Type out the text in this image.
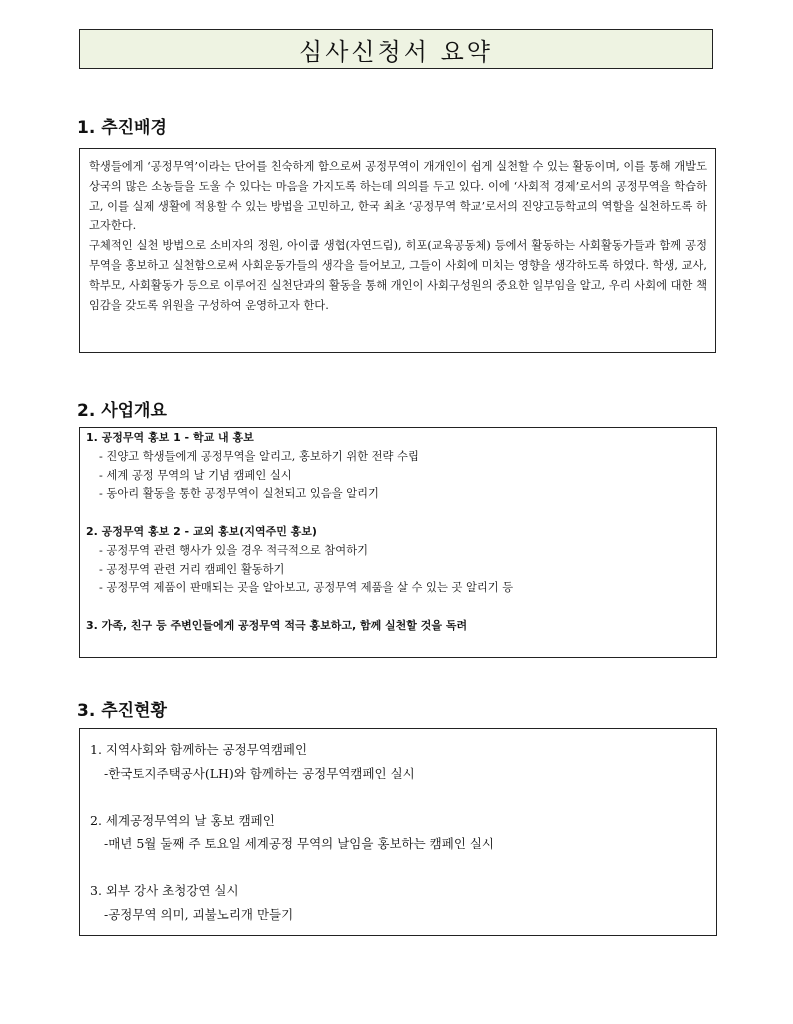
심사신청서 요약
1. 추진배경

학생들에게 ‘공정무역’이라는 단어를 친숙하게 함으로써 공정무역이 개개인이 쉽게 실천할 수 있는 활동이며, 이를 통해 개발도상국의 많은 소농들을 도울 수 있다는 마음을 가지도록 하는데 의의를 두고 있다. 이에 ‘사회적 경제’로서의 공정무역을 학습하고, 이를 실제 생활에 적용할 수 있는 방법을 고민하고, 한국 최초 ‘공정무역 학교’로서의 진양고등학교의 역할을 실천하도록 하고자한다.

구체적인 실천 방법으로 소비자의 정원, 아이쿱 생협(자연드림), 히포(교육공동체) 등에서 활동하는 사회활동가들과 함께 공정무역을 홍보하고 실천함으로써 사회운동가들의 생각을 들어보고, 그들이 사회에 미치는 영향을 생각하도록 하였다. 학생, 교사, 학부모, 사회활동가 등으로 이루어진 실천단과의 활동을 통해 개인이 사회구성원의 중요한 일부임을 알고, 우리 사회에 대한 책임감을 갖도록 위원을 구성하여 운영하고자 한다.

2. 사업개요
1. 공정무역 홍보 1 - 학교 내 홍보
- 진양고 학생들에게 공정무역을 알리고, 홍보하기 위한 전략 수립
- 세계 공정 무역의 날 기념 캠페인 실시
- 동아리 활동을 통한 공정무역이 실천되고 있음을 알리기
2. 공정무역 홍보 2 - 교외 홍보(지역주민 홍보)
- 공정무역 관련 행사가 있을 경우 적극적으로 참여하기
- 공정무역 관련 거리 캠페인 활동하기
- 공정무역 제품이 판매되는 곳을 알아보고, 공정무역 제품을 살 수 있는 곳 알리기 등
3. 가족, 친구 등 주변인들에게 공정무역 적극 홍보하고, 함께 실천할 것을 독려
3. 추진현황
1. 지역사회와 함께하는 공정무역캠페인
-한국토지주택공사(LH)와 함께하는 공정무역캠페인 실시
2. 세계공정무역의 날 홍보 캠페인
-매년 5월 둘째 주 토요일 세계공정 무역의 날임을 홍보하는 캠페인 실시
3. 외부 강사 초청강연 실시
-공정무역 의미, 괴불노리개 만들기
